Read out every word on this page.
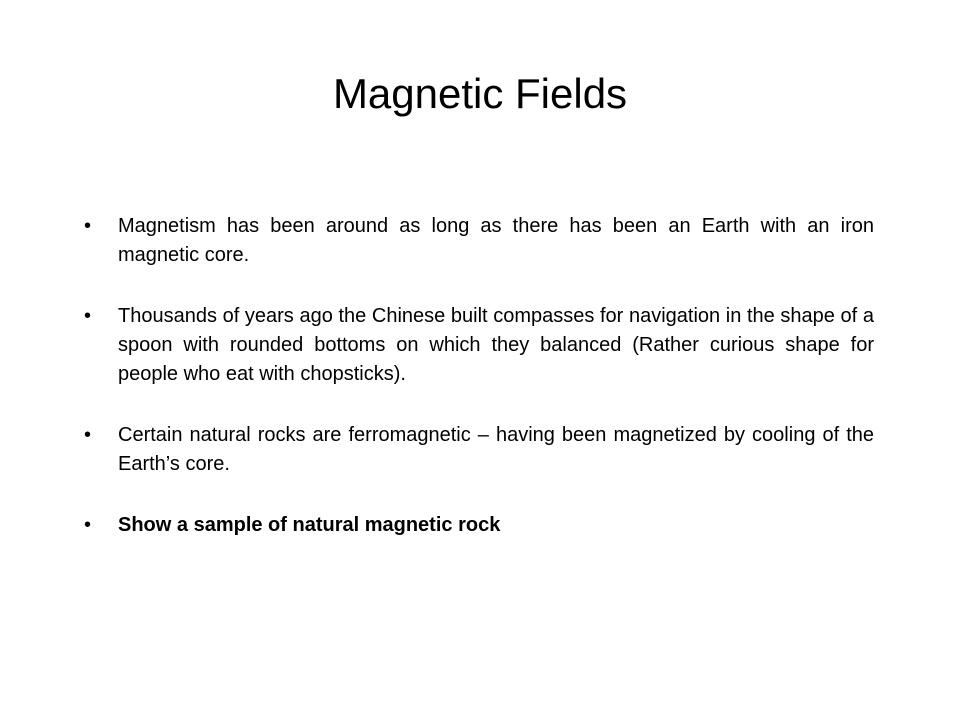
Magnetic Fields
• Magnetism has been around as long as there has been an Earth with an iron magnetic core.
• Thousands of years ago the Chinese built compasses for navigation in the shape of a spoon with rounded bottoms on which they balanced (Rather curious shape for people who eat with chopsticks).
• Certain natural rocks are ferromagnetic – having been magnetized by cooling of the Earth’s core.
• Show a sample of natural magnetic rock
